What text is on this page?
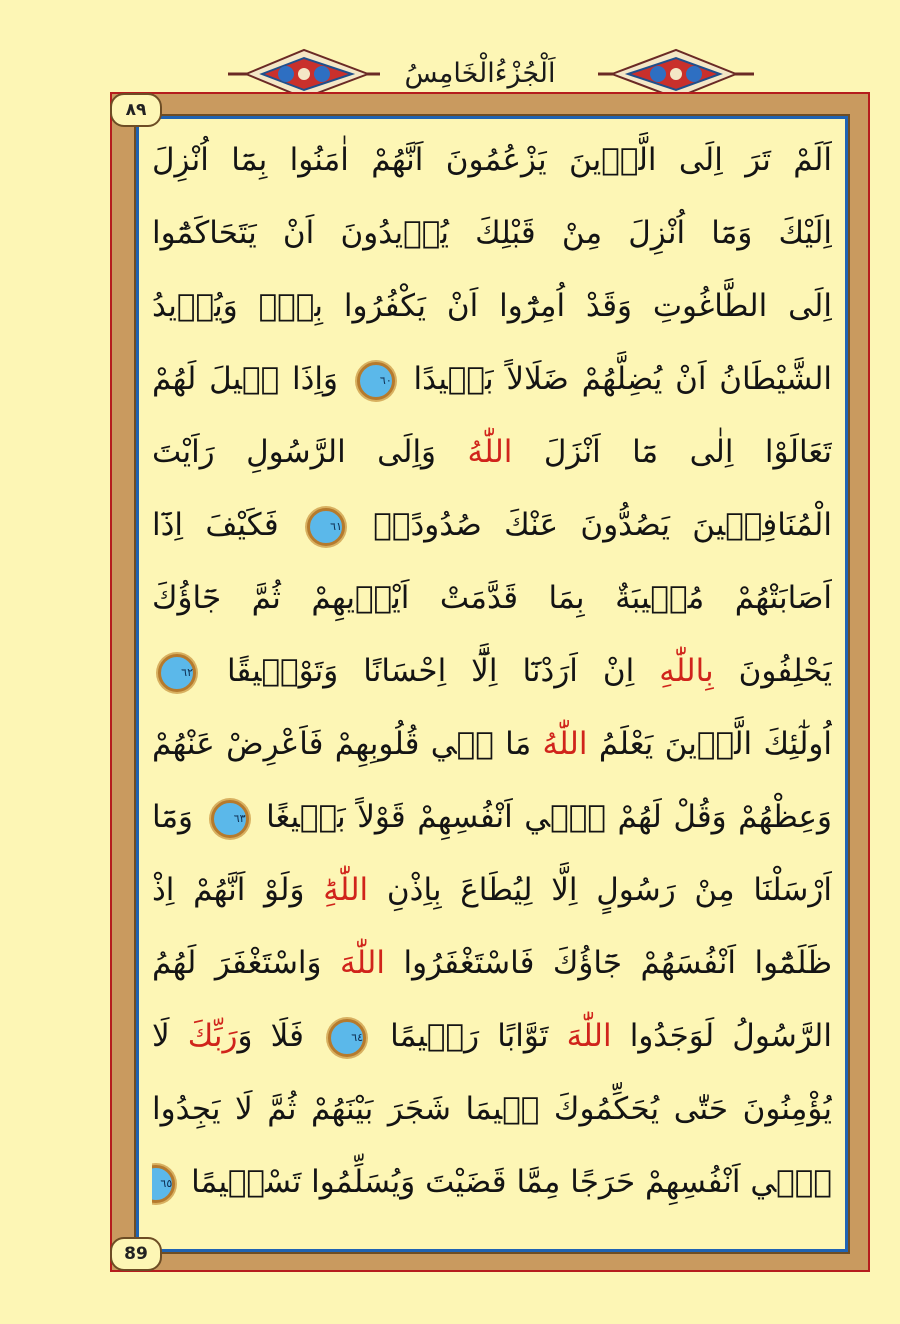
اَلْجُزْءُالْخَامِسُ
٨٩
89
اَلَمْ تَرَ اِلَى الَّذٖينَ يَزْعُمُونَ اَنَّهُمْ اٰمَنُوا بِمَٓا اُنْزِلَ
اِلَيْكَ وَمَٓا اُنْزِلَ مِنْ قَبْلِكَ يُرٖيدُونَ اَنْ يَتَحَاكَمُٓوا
اِلَى الطَّاغُوتِ وَقَدْ اُمِرُٓوا اَنْ يَكْفُرُوا بِهٖؕ وَيُرٖيدُ
الشَّيْطَانُ اَنْ يُضِلَّهُمْ ضَلَالاً بَعٖيدًا ٦٠ وَاِذَا قٖيلَ لَهُمْ
تَعَالَوْا اِلٰى مَٓا اَنْزَلَ اللّٰهُ وَاِلَى الرَّسُولِ رَاَيْتَ
الْمُنَافِقٖينَ يَصُدُّونَ عَنْكَ صُدُودًاۚ ٦١ فَكَيْفَ اِذَٓا
اَصَابَتْهُمْ مُصٖيبَةٌ بِمَا قَدَّمَتْ اَيْدٖيهِمْ ثُمَّ جَٓاؤُكَ
يَحْلِفُونَ بِاللّٰهِ اِنْ اَرَدْنَٓا اِلَّٓا اِحْسَانًا وَتَوْفٖيقًا ٦٢
اُولٰٓئِكَ الَّذٖينَ يَعْلَمُ اللّٰهُ مَا فٖي قُلُوبِهِمْ فَاَعْرِضْ عَنْهُمْ
وَعِظْهُمْ وَقُلْ لَهُمْ فٖٓي اَنْفُسِهِمْ قَوْلاً بَلٖيغًا ٦٣ وَمَٓا
اَرْسَلْنَا مِنْ رَسُولٍ اِلَّا لِيُطَاعَ بِاِذْنِ اللّٰهِؕ وَلَوْ اَنَّهُمْ اِذْ
ظَلَمُٓوا اَنْفُسَهُمْ جَٓاؤُكَ فَاسْتَغْفَرُوا اللّٰهَ وَاسْتَغْفَرَ لَهُمُ
الرَّسُولُ لَوَجَدُوا اللّٰهَ تَوَّابًا رَحٖيمًا ٦٤ فَلَا وَرَبِّكَ لَا
يُؤْمِنُونَ حَتّٰى يُحَكِّمُوكَ فٖيمَا شَجَرَ بَيْنَهُمْ ثُمَّ لَا يَجِدُوا
فٖٓي اَنْفُسِهِمْ حَرَجًا مِمَّا قَضَيْتَ وَيُسَلِّمُوا تَسْلٖيمًا ٦٥
